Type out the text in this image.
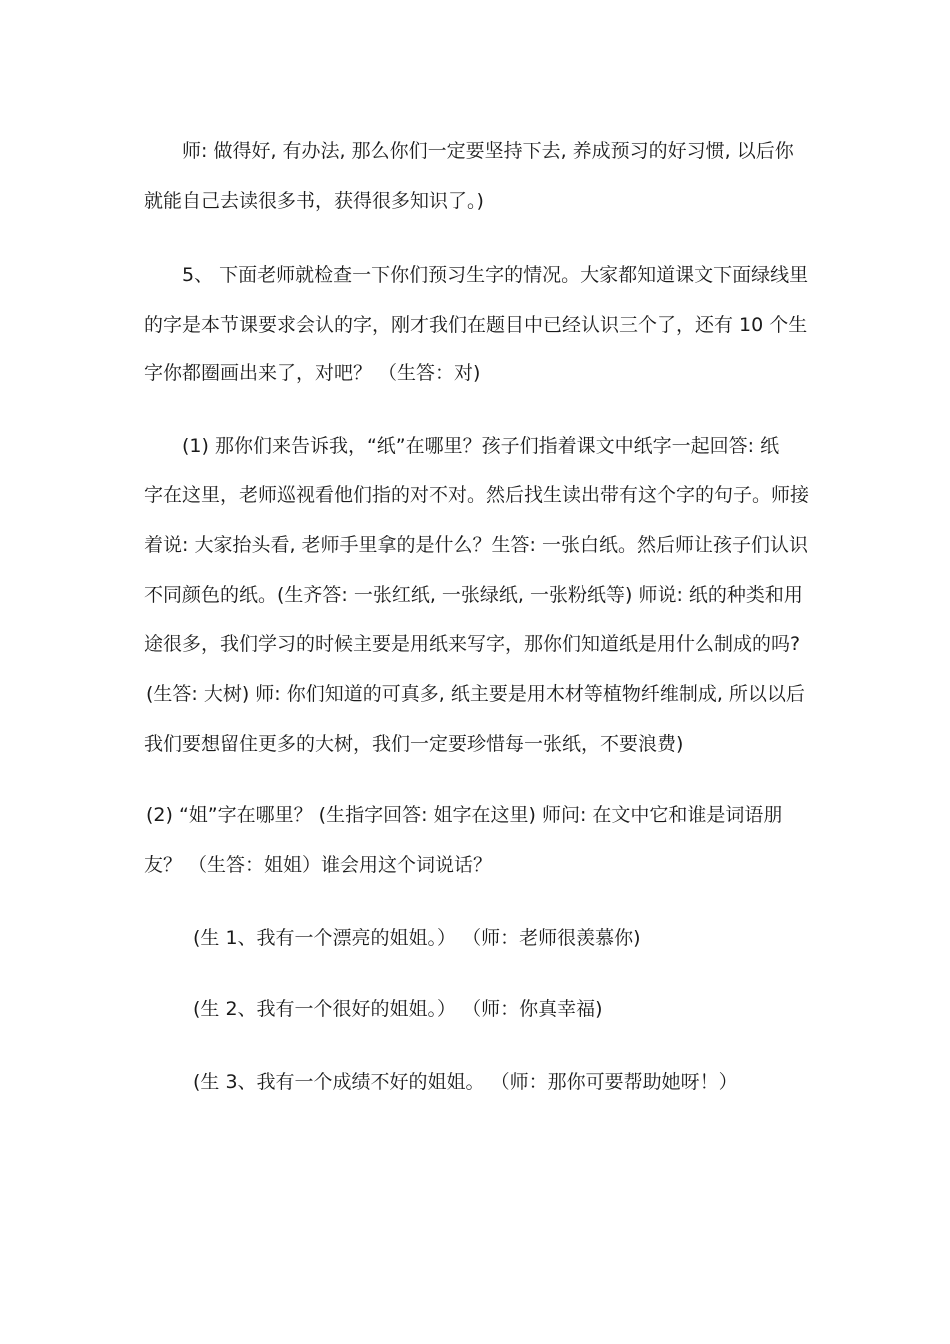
师: 做得好, 有办法, 那么你们一定要坚持下去, 养成预习的好习惯, 以后你
就能自己去读很多书，获得很多知识了。)
5、 下面老师就检查一下你们预习生字的情况。大家都知道课文下面绿线里
的字是本节课要求会认的字，刚才我们在题目中已经认识三个了，还有 10 个生
字你都圈画出来了，对吧？ （生答：对)
(1) 那你们来告诉我，“纸”在哪里？孩子们指着课文中纸字一起回答: 纸
字在这里，老师巡视看他们指的对不对。然后找生读出带有这个字的句子。师接
着说: 大家抬头看, 老师手里拿的是什么？生答: 一张白纸。然后师让孩子们认识
不同颜色的纸。(生齐答: 一张红纸, 一张绿纸, 一张粉纸等) 师说: 纸的种类和用
途很多，我们学习的时候主要是用纸来写字，那你们知道纸是用什么制成的吗?
(生答: 大树) 师: 你们知道的可真多, 纸主要是用木材等植物纤维制成, 所以以后
我们要想留住更多的大树，我们一定要珍惜每一张纸，不要浪费)
(2) “姐”字在哪里？ (生指字回答: 姐字在这里) 师问: 在文中它和谁是词语朋
友？ （生答：姐姐）谁会用这个词说话？
(生 1、我有一个漂亮的姐姐。） （师：老师很羡慕你)
(生 2、我有一个很好的姐姐。） （师：你真幸福)
(生 3、我有一个成绩不好的姐姐。 （师：那你可要帮助她呀！）
